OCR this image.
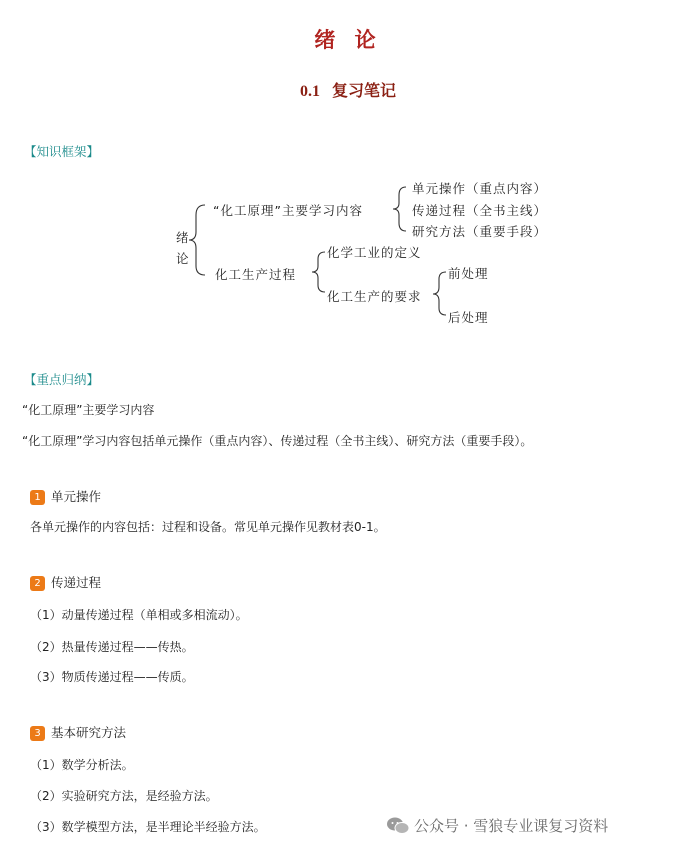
绪 论
0.1 复习笔记
【知识框架】
绪
论
“化工原理”主要学习内容
单元操作（重点内容）
传递过程（全书主线）
研究方法（重要手段）
化工生产过程
化学工业的定义
化工生产的要求
前处理
后处理
【重点归纳】
“化工原理”主要学习内容
“化工原理”学习内容包括单元操作（重点内容）、传递过程（全书主线）、研究方法（重要手段）。
1 单元操作
各单元操作的内容包括：过程和设备。常见单元操作见教材表0-1。
2 传递过程
（1）动量传递过程（单相或多相流动）。
（2）热量传递过程——传热。
（3）物质传递过程——传质。
3 基本研究方法
（1）数学分析法。
（2）实验研究方法，是经验方法。
（3）数学模型方法，是半理论半经验方法。	公众号 · 雪狼专业课复习资料
